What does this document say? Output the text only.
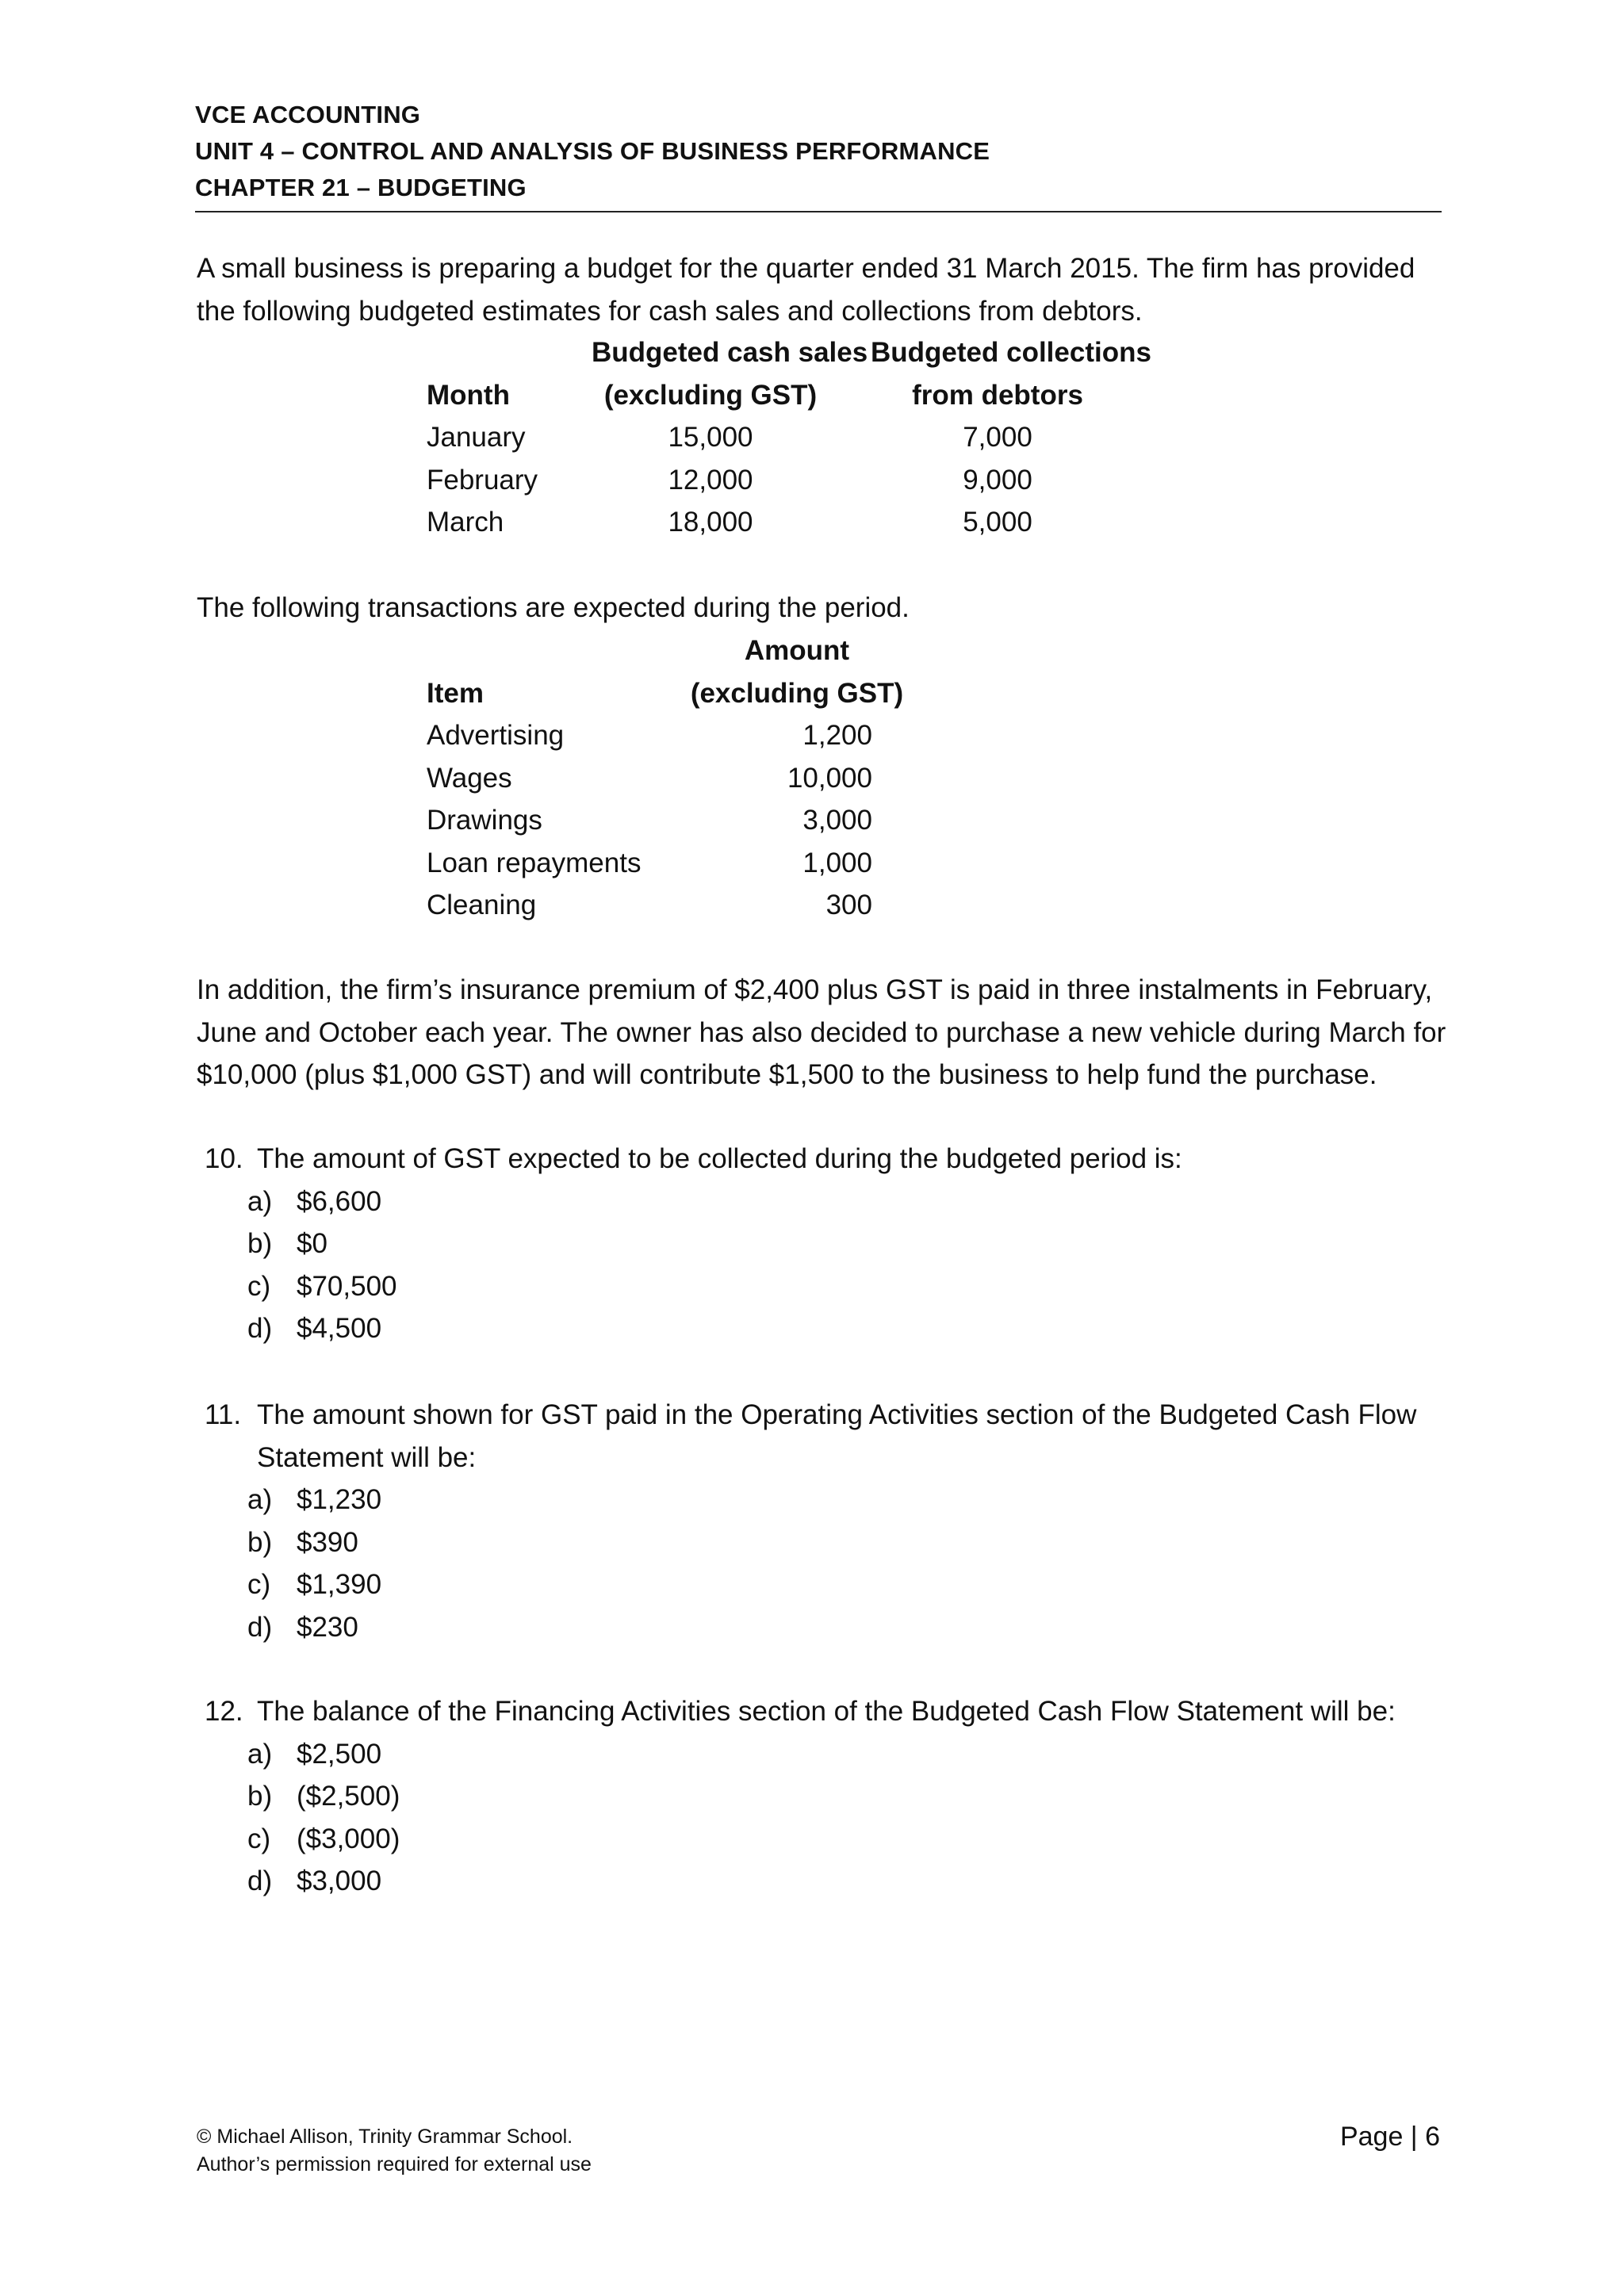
VCE ACCOUNTING
UNIT 4 – CONTROL AND ANALYSIS OF BUSINESS PERFORMANCE
CHAPTER 21 – BUDGETING
A small business is preparing a budget for the quarter ended 31 March 2015. The firm has provided the following budgeted estimates for cash sales and collections from debtors.
Budgeted cash sales Budgeted collections
Month	(excluding GST)	from debtors
January	15,000	7,000
February	12,000	9,000
March	18,000	5,000
The following transactions are expected during the period.
Amount
Item	(excluding GST)
Advertising	1,200
Wages	10,000
Drawings	3,000
Loan repayments	1,000
Cleaning	300
In addition, the firm’s insurance premium of $2,400 plus GST is paid in three instalments in February, June and October each year. The owner has also decided to purchase a new vehicle during March for $10,000 (plus $1,000 GST) and will contribute $1,500 to the business to help fund the purchase.
10. The amount of GST expected to be collected during the budgeted period is:
a) $6,600
b) $0
c) $70,500
d) $4,500
11. The amount shown for GST paid in the Operating Activities section of the Budgeted Cash Flow Statement will be:
a) $1,230
b) $390
c) $1,390
d) $230
12. The balance of the Financing Activities section of the Budgeted Cash Flow Statement will be:
a) $2,500
b) ($2,500)
c) ($3,000)
d) $3,000
© Michael Allison, Trinity Grammar School.
Author’s permission required for external use
Page | 6
